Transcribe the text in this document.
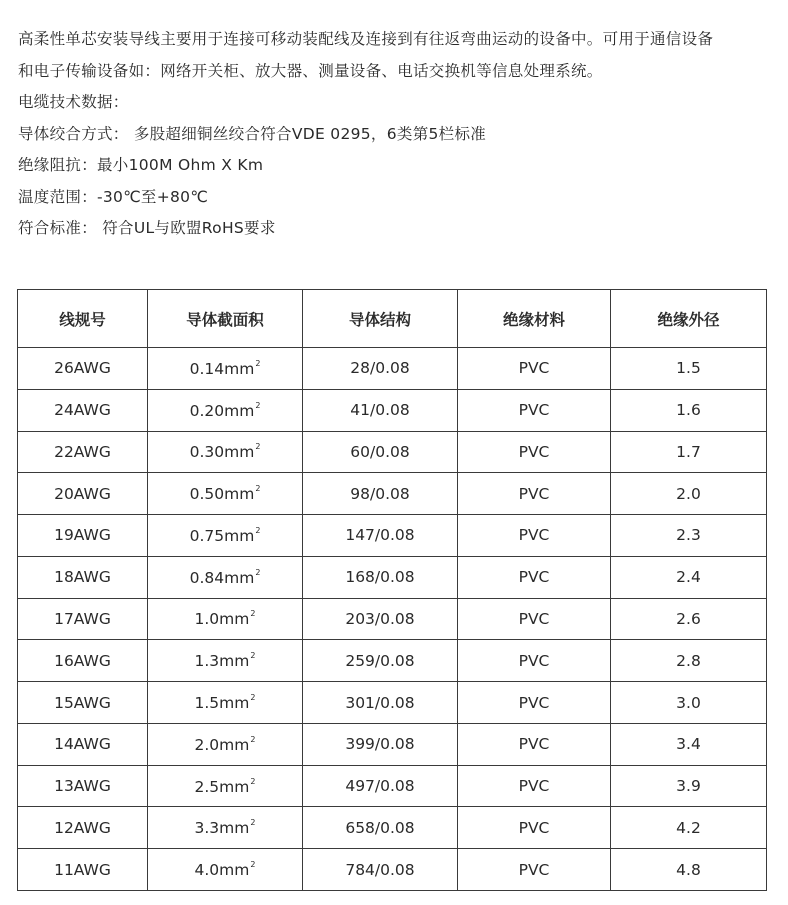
高柔性单芯安装导线主要用于连接可移动装配线及连接到有往返弯曲运动的设备中。可用于通信设备

和电子传输设备如：网络开关柜、放大器、测量设备、电话交换机等信息处理系统。

电缆技术数据：

导体绞合方式： 多股超细铜丝绞合符合VDE 0295，6类第5栏标准

绝缘阻抗：最小100M Ohm X Km

温度范围：-30℃至+80℃

符合标准： 符合UL与欧盟RoHS要求

线规号	导体截面积	导体结构	绝缘材料	绝缘外径
26AWG	$0.14mm^2$	28/0.08	PVC	1.5
24AWG	$0.20mm^2$	41/0.08	PVC	1.6
22AWG	$0.30mm^2$	60/0.08	PVC	1.7
20AWG	$0.50mm^2$	98/0.08	PVC	2.0
19AWG	$0.75mm^2$	147/0.08	PVC	2.3
18AWG	$0.84mm^2$	168/0.08	PVC	2.4
17AWG	$1.0mm^2$	203/0.08	PVC	2.6
16AWG	$1.3mm^2$	259/0.08	PVC	2.8
15AWG	$1.5mm^2$	301/0.08	PVC	3.0
14AWG	$2.0mm^2$	399/0.08	PVC	3.4
13AWG	$2.5mm^2$	497/0.08	PVC	3.9
12AWG	$3.3mm^2$	658/0.08	PVC	4.2
11AWG	$4.0mm^2$	784/0.08	PVC	4.8
